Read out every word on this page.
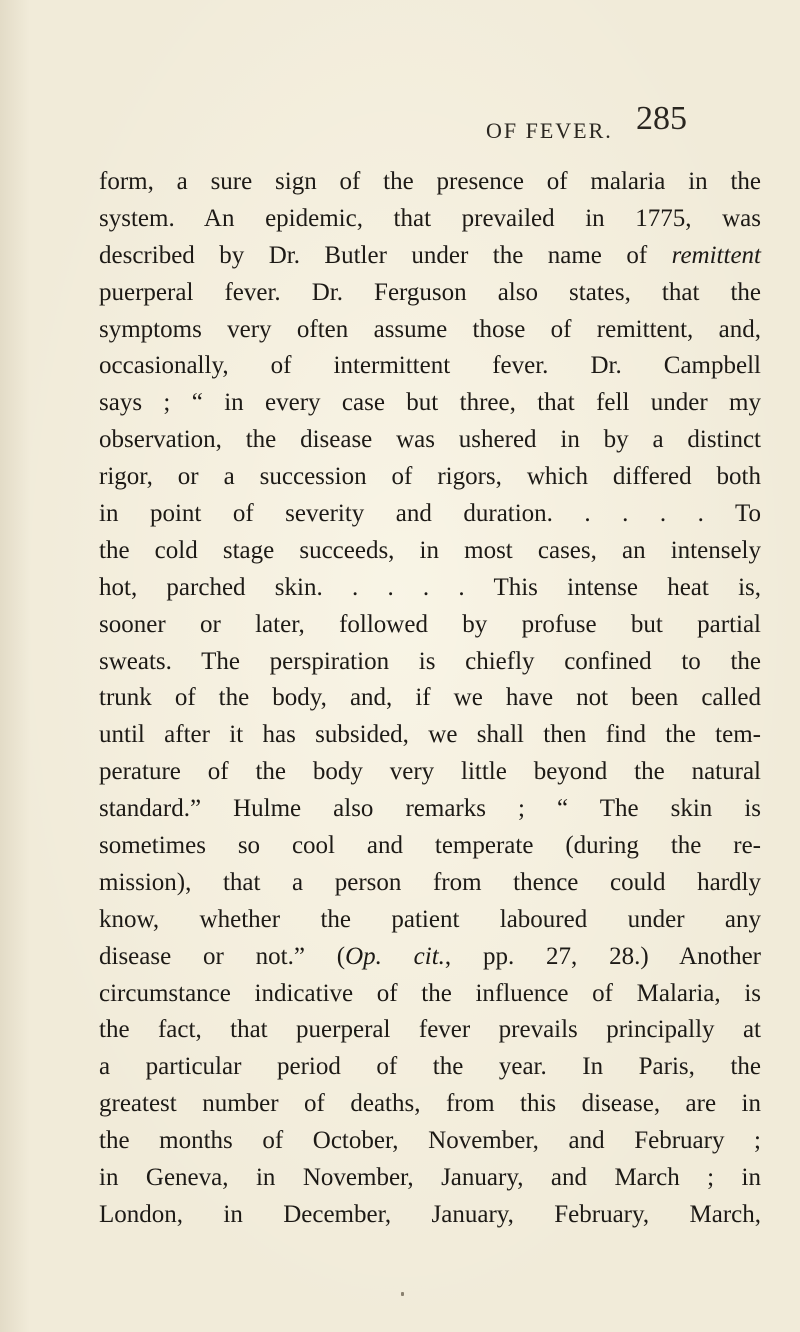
OF FEVER. 285
form, a sure sign of the presence of malaria in the
system. An epidemic, that prevailed in 1775, was
described by Dr. Butler under the name of remittent
puerperal fever. Dr. Ferguson also states, that the
symptoms very often assume those of remittent, and,
occasionally, of intermittent fever. Dr. Campbell
says ; “ in every case but three, that fell under my
observation, the disease was ushered in by a distinct
rigor, or a succession of rigors, which differed both
in point of severity and duration. . . . . To
the cold stage succeeds, in most cases, an intensely
hot, parched skin. . . . . This intense heat is,
sooner or later, followed by profuse but partial
sweats. The perspiration is chiefly confined to the
trunk of the body, and, if we have not been called
until after it has subsided, we shall then find the tem-
perature of the body very little beyond the natural
standard.” Hulme also remarks ; “ The skin is
sometimes so cool and temperate (during the re-
mission), that a person from thence could hardly
know, whether the patient laboured under any
disease or not.” (Op. cit., pp. 27, 28.) Another
circumstance indicative of the influence of Malaria, is
the fact, that puerperal fever prevails principally at
a particular period of the year. In Paris, the
greatest number of deaths, from this disease, are in
the months of October, November, and February ;
in Geneva, in November, January, and March ; in
London, in December, January, February, March,
